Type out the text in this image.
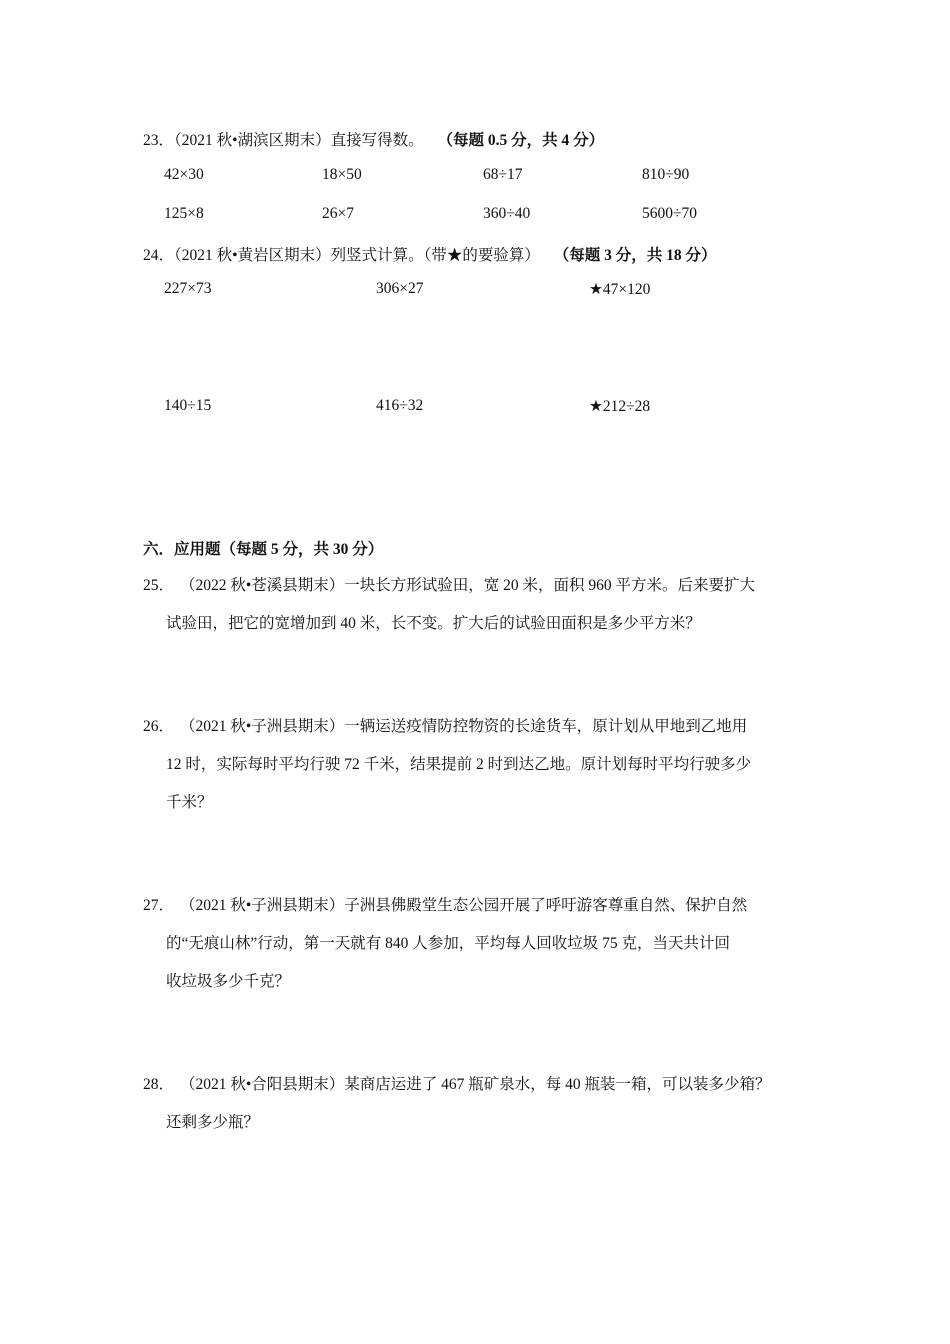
23．（2021 秋•湖滨区期末）直接写得数。 （每题 0.5 分，共 4 分）
42×30	18×50	68÷17	810÷90
125×8	26×7	360÷40	5600÷70
24．（2021 秋•黄岩区期末）列竖式计算。（带★的要验算） （每题 3 分，共 18 分）
227×73	306×27	★47×120
140÷15	416÷32	★212÷28
六．应用题（每题 5 分，共 30 分）
25． （2022 秋•苍溪县期末）一块长方形试验田，宽 20 米，面积 960 平方米。后来要扩大
试验田，把它的宽增加到 40 米，长不变。扩大后的试验田面积是多少平方米？
26． （2021 秋•子洲县期末）一辆运送疫情防控物资的长途货车，原计划从甲地到乙地用
12 时，实际每时平均行驶 72 千米，结果提前 2 时到达乙地。原计划每时平均行驶多少
千米？
27． （2021 秋•子洲县期末）子洲县佛殿堂生态公园开展了呼吁游客尊重自然、保护自然
的“无痕山林”行动，第一天就有 840 人参加，平均每人回收垃圾 75 克，当天共计回
收垃圾多少千克？
28． （2021 秋•合阳县期末）某商店运进了 467 瓶矿泉水，每 40 瓶装一箱，可以装多少箱？
还剩多少瓶？
